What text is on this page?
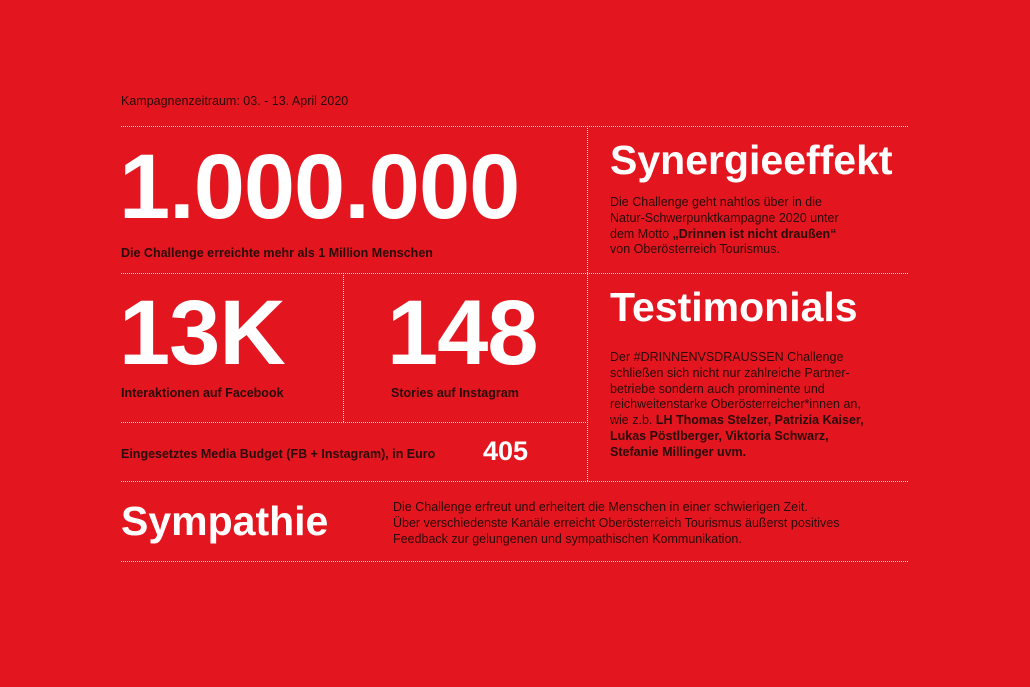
Kampagnenzeitraum: 03. - 13. April 2020
1.000.000
Die Challenge erreichte mehr als 1 Million Menschen
13K
Interaktionen auf Facebook
148
Stories auf Instagram
Eingesetztes Media Budget (FB + Instagram), in Euro 405
Synergieeffekt
Die Challenge geht nahtlos über in die
Natur-Schwerpunktkampagne 2020 unter
dem Motto „Drinnen ist nicht draußen“
von Oberösterreich Tourismus.
Testimonials
Der #DRINNENVSDRAUSSEN Challenge
schließen sich nicht nur zahlreiche Partner-
betriebe sondern auch prominente und
reichweitenstarke Oberösterreicher*innen an,
wie z.b. LH Thomas Stelzer, Patrizia Kaiser,
Lukas Pöstlberger, Viktoria Schwarz,
Stefanie Millinger uvm.
Sympathie	Die Challenge erfreut und erheitert die Menschen in einer schwierigen Zeit.
Über verschiedenste Kanäle erreicht Oberösterreich Tourismus äußerst positives
Feedback zur gelungenen und sympathischen Kommunikation.
